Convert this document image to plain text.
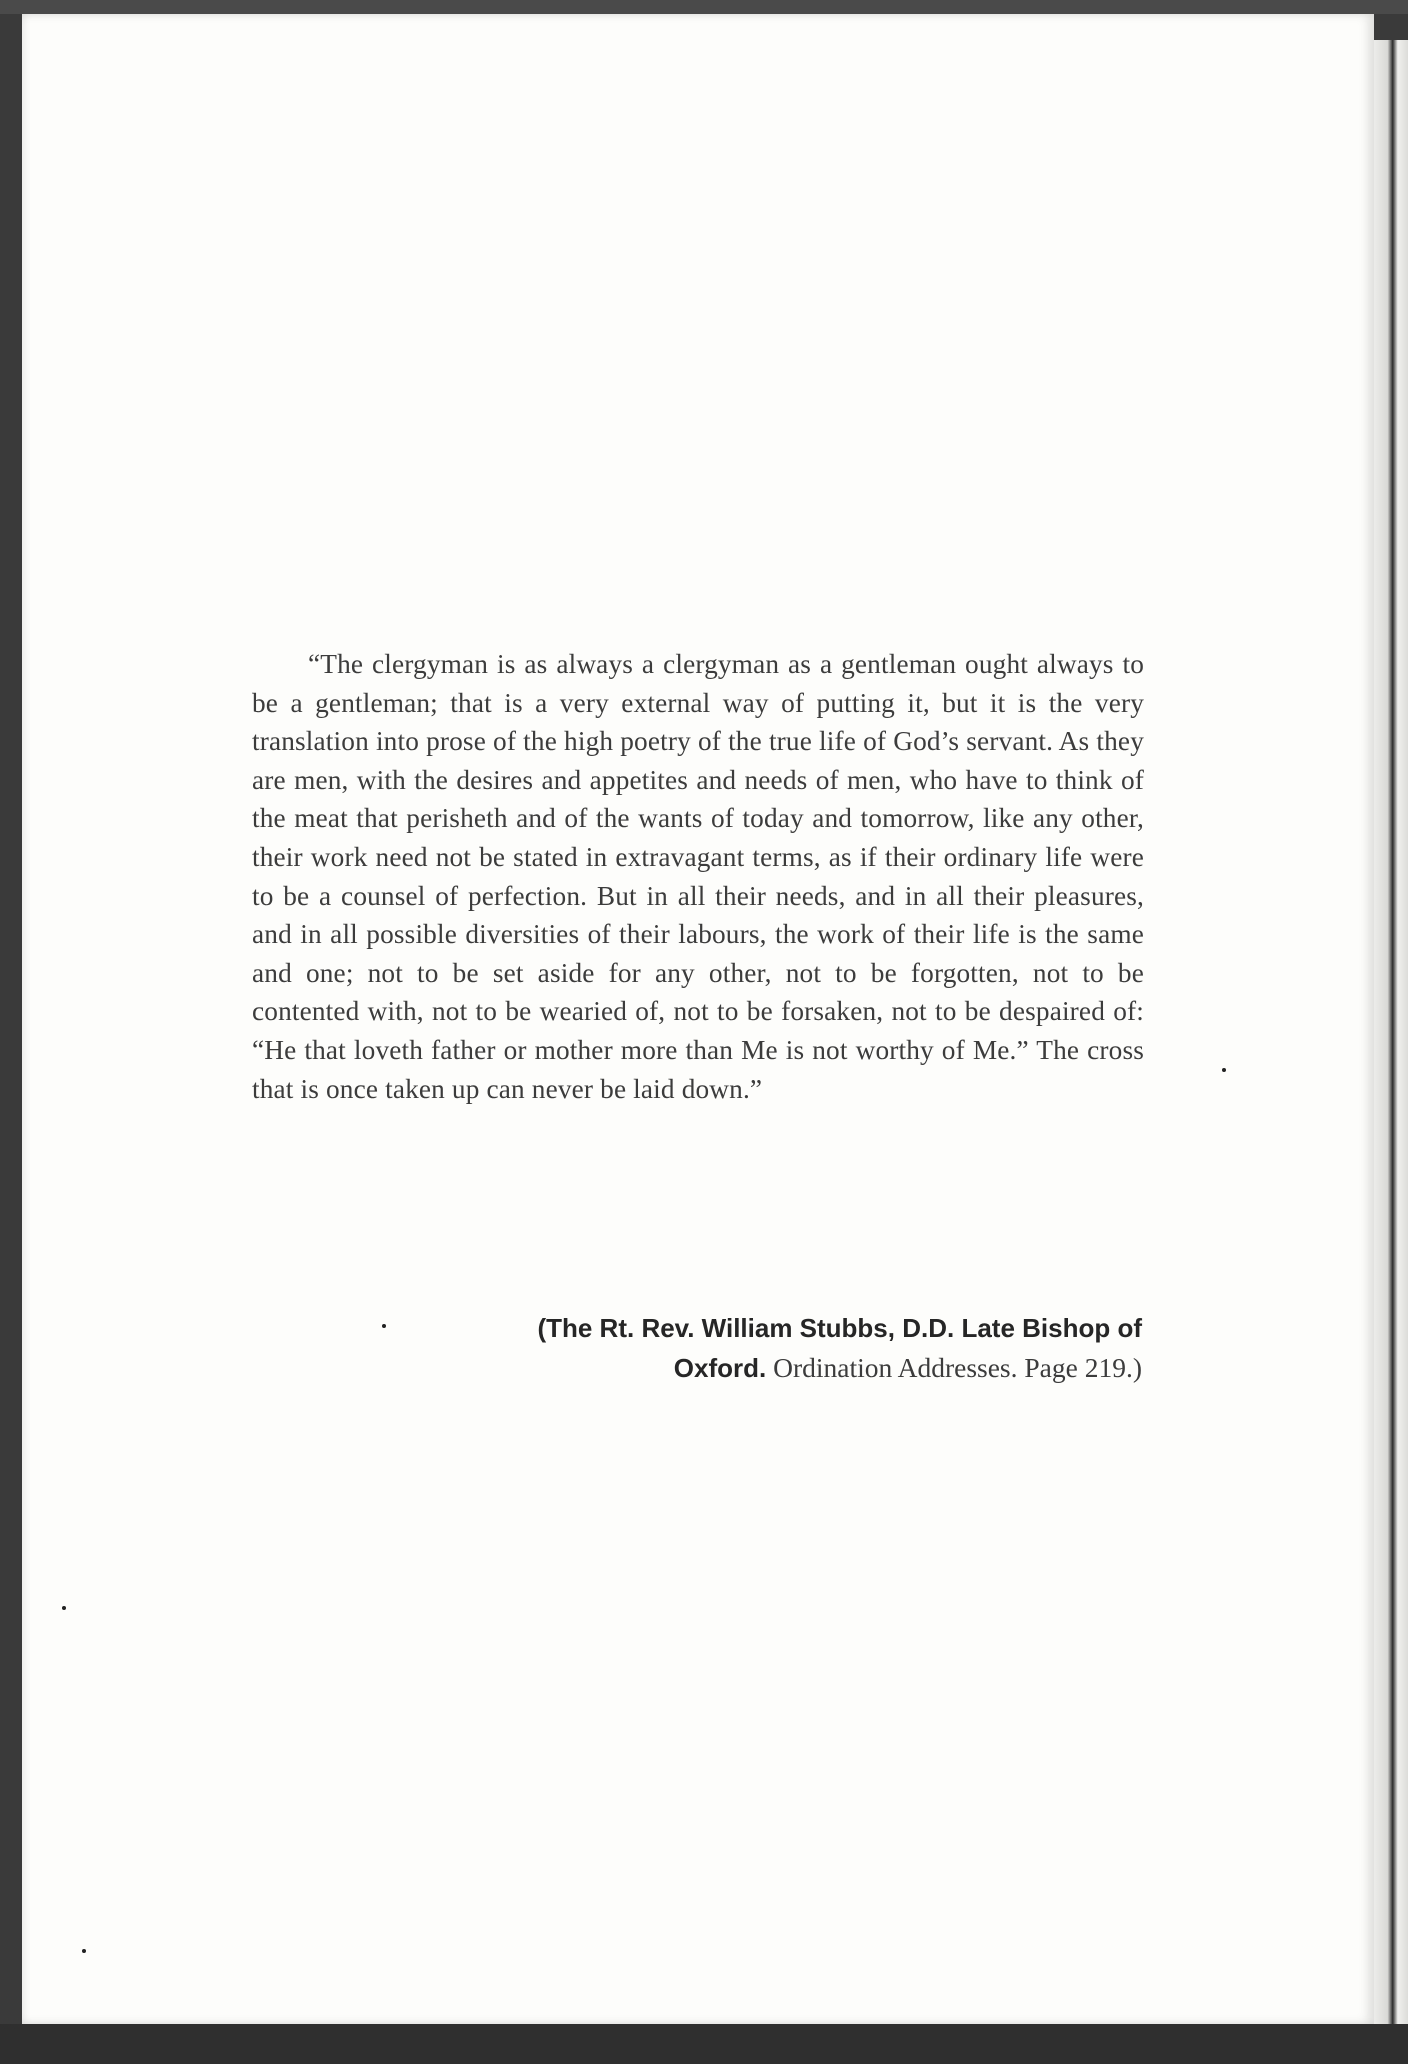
“The clergyman is as always a clergyman as a gentleman ought always to be a gentleman; that is a very external way of putting it, but it is the very translation into prose of the high poetry of the true life of God’s servant. As they are men, with the desires and appetites and needs of men, who have to think of the meat that perisheth and of the wants of today and tomorrow, like any other, their work need not be stated in extravagant terms, as if their ordinary life were to be a counsel of perfection. But in all their needs, and in all their pleasures, and in all possible diversities of their labours, the work of their life is the same and one; not to be set aside for any other, not to be forgotten, not to be contented with, not to be wearied of, not to be forsaken, not to be despaired of: “He that loveth father or mother more than Me is not worthy of Me.” The cross that is once taken up can never be laid down.”

(The Rt. Rev. William Stubbs, D.D. Late Bishop of
Oxford. Ordination Addresses. Page 219.)
